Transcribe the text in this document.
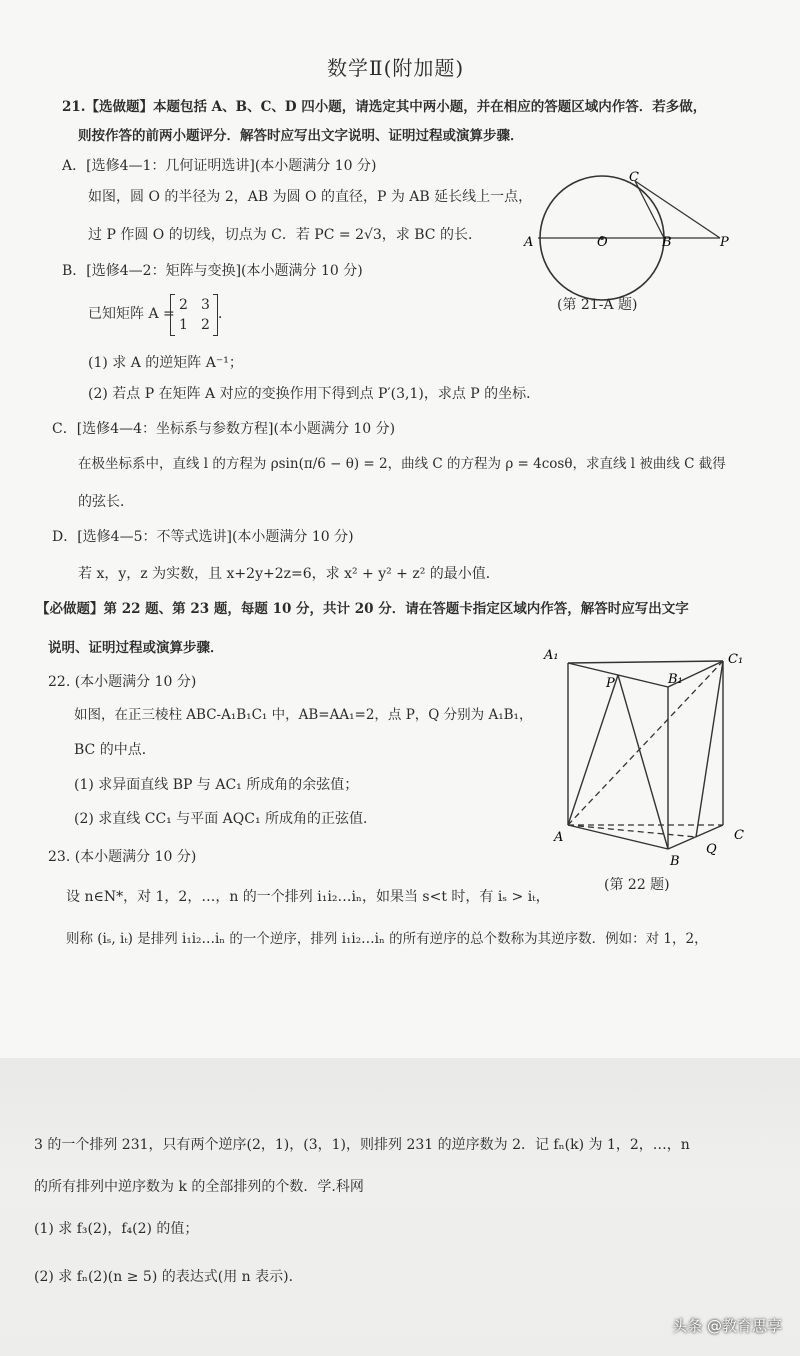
数学Ⅱ(附加题)
21.【选做题】本题包括 A、B、C、D 四小题，请选定其中两小题，并在相应的答题区域内作答．若多做，
则按作答的前两小题评分．解答时应写出文字说明、证明过程或演算步骤．
A．[选修4—1：几何证明选讲](本小题满分 10 分)
如图，圆 O 的半径为 2，AB 为圆 O 的直径，P 为 AB 延长线上一点，
过 P 作圆 O 的切线，切点为 C．若 PC = 2√3，求 BC 的长．	A	O	B	P
C
(第 21-A 题)
B．[选修4—2：矩阵与变换](本小题满分 10 分)
已知矩阵 A =
2 3
1 2
．
(1) 求 A 的逆矩阵 A⁻¹；
(2) 若点 P 在矩阵 A 对应的变换作用下得到点 P′(3,1)，求点 P 的坐标．
C．[选修4—4：坐标系与参数方程](本小题满分 10 分)
在极坐标系中，直线 l 的方程为 ρsin(π/6 − θ) = 2，曲线 C 的方程为 ρ = 4cosθ，求直线 l 被曲线 C 截得
的弦长．
D．[选修4—5：不等式选讲](本小题满分 10 分)
若 x，y，z 为实数，且 x+2y+2z=6，求 x² + y² + z² 的最小值．
【必做题】第 22 题、第 23 题，每题 10 分，共计 20 分．请在答题卡指定区域内作答，解答时应写出文字
说明、证明过程或演算步骤．
22. (本小题满分 10 分)
如图，在正三棱柱 ABC-A₁B₁C₁ 中，AB=AA₁=2，点 P，Q 分别为 A₁B₁，
BC 的中点．
(1) 求异面直线 BP 与 AC₁ 所成角的余弦值；
(2) 求直线 CC₁ 与平面 AQC₁ 所成角的正弦值．
A₁
P	B₁
C₁
A
B
C
Q
(第 22 题)
23. (本小题满分 10 分)
设 n∈N*，对 1，2，…，n 的一个排列 i₁i₂…iₙ，如果当 s<t 时，有 iₛ > iₜ，
则称 (iₛ, iₜ) 是排列 i₁i₂…iₙ 的一个逆序，排列 i₁i₂…iₙ 的所有逆序的总个数称为其逆序数．例如：对 1，2，
3 的一个排列 231，只有两个逆序(2，1)，(3，1)，则排列 231 的逆序数为 2．记 fₙ(k) 为 1，2，…，n
的所有排列中逆序数为 k 的全部排列的个数．学.科网
(1) 求 f₃(2)，f₄(2) 的值；
(2) 求 fₙ(2)(n ≥ 5) 的表达式(用 n 表示)．
头条 @教育思享
